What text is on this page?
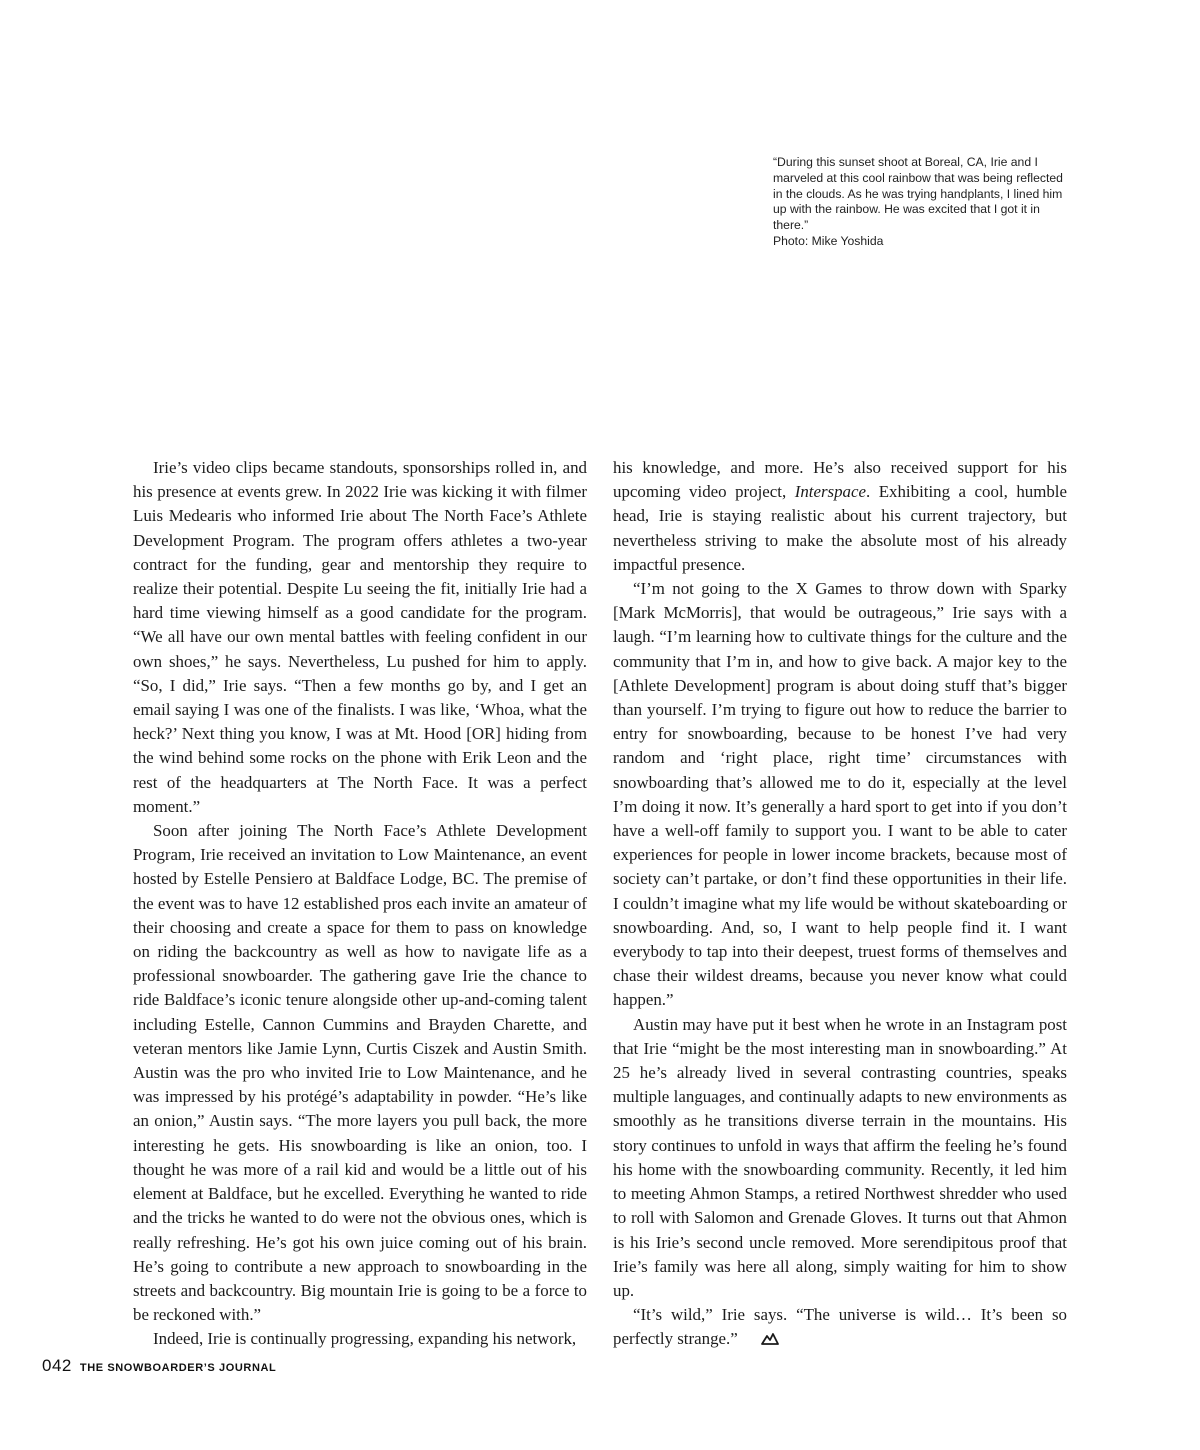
“During this sunset shoot at Boreal, CA, Irie and I marveled at this cool rainbow that was being reflected in the clouds. As he was trying handplants, I lined him up with the rainbow. He was excited that I got it in there.”

Photo: Mike Yoshida

Irie’s video clips became standouts, sponsorships rolled in, and his presence at events grew. In 2022 Irie was kicking it with filmer Luis Medearis who informed Irie about The North Face’s Athlete Development Program. The program offers athletes a two-year contract for the funding, gear and mentorship they require to realize their potential. Despite Lu seeing the fit, initially Irie had a hard time viewing himself as a good candidate for the program. “We all have our own mental battles with feeling confident in our own shoes,” he says. Nevertheless, Lu pushed for him to apply. “So, I did,” Irie says. “Then a few months go by, and I get an email saying I was one of the finalists. I was like, ‘Whoa, what the heck?’ Next thing you know, I was at Mt. Hood [OR] hiding from the wind behind some rocks on the phone with Erik Leon and the rest of the headquarters at The North Face. It was a perfect moment.”

Soon after joining The North Face’s Athlete Development Program, Irie received an invitation to Low Maintenance, an event hosted by Estelle Pensiero at Baldface Lodge, BC. The premise of the event was to have 12 established pros each invite an amateur of their choosing and create a space for them to pass on knowledge on riding the backcountry as well as how to navigate life as a professional snowboarder. The gathering gave Irie the chance to ride Baldface’s iconic tenure alongside other up-and-coming talent including Estelle, Cannon Cummins and Brayden Charette, and veteran mentors like Jamie Lynn, Curtis Ciszek and Austin Smith. Austin was the pro who invited Irie to Low Maintenance, and he was impressed by his protégé’s adaptability in powder. “He’s like an onion,” Austin says. “The more layers you pull back, the more interesting he gets. His snowboarding is like an onion, too. I thought he was more of a rail kid and would be a little out of his element at Baldface, but he excelled. Everything he wanted to ride and the tricks he wanted to do were not the obvious ones, which is really refreshing. He’s got his own juice coming out of his brain. He’s going to contribute a new approach to snowboarding in the streets and backcountry. Big mountain Irie is going to be a force to be reckoned with.”

Indeed, Irie is continually progressing, expanding his network,

his knowledge, and more. He’s also received support for his upcoming video project, Interspace. Exhibiting a cool, humble head, Irie is staying realistic about his current trajectory, but nevertheless striving to make the absolute most of his already impactful presence.

“I’m not going to the X Games to throw down with Sparky [Mark McMorris], that would be outrageous,” Irie says with a laugh. “I’m learning how to cultivate things for the culture and the community that I’m in, and how to give back. A major key to the [Athlete Development] program is about doing stuff that’s bigger than yourself. I’m trying to figure out how to reduce the barrier to entry for snowboarding, because to be honest I’ve had very random and ‘right place, right time’ circumstances with snowboarding that’s allowed me to do it, especially at the level I’m doing it now. It’s generally a hard sport to get into if you don’t have a well-off family to support you. I want to be able to cater experiences for people in lower income brackets, because most of society can’t partake, or don’t find these opportunities in their life. I couldn’t imagine what my life would be without skateboarding or snowboarding. And, so, I want to help people find it. I want everybody to tap into their deepest, truest forms of themselves and chase their wildest dreams, because you never know what could happen.”

Austin may have put it best when he wrote in an Instagram post that Irie “might be the most interesting man in snowboarding.” At 25 he’s already lived in several contrasting countries, speaks multiple languages, and continually adapts to new environments as smoothly as he transitions diverse terrain in the mountains. His story continues to unfold in ways that affirm the feeling he’s found his home with the snowboarding community. Recently, it led him to meeting Ahmon Stamps, a retired Northwest shredder who used to roll with Salomon and Grenade Gloves. It turns out that Ahmon is his Irie’s second uncle removed. More serendipitous proof that Irie’s family was here all along, simply waiting for him to show up.

“It’s wild,” Irie says. “The universe is wild… It’s been so perfectly strange.”

042 THE SNOWBOARDER’S JOURNAL
